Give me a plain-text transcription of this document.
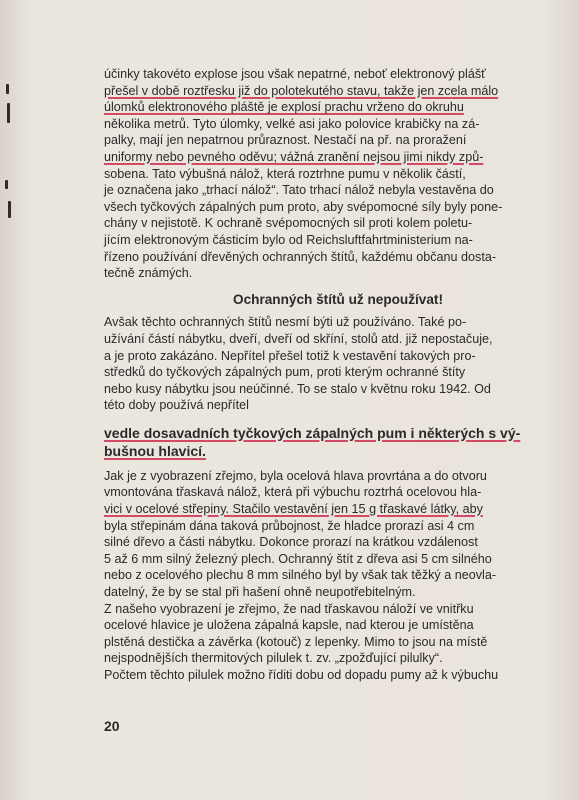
účinky takovéto explose jsou však nepatrné, neboť elektronový plášť
přešel v době roztřesku již do polotekutého stavu, takže jen zcela málo
úlomků elektronového pláště je explosí prachu vrženo do okruhu
několika metrů. Tyto úlomky, velké asi jako polovice krabičky na zá-
palky, mají jen nepatrnou průraznost. Nestačí na př. na proražení
uniformy nebo pevného oděvu; vážná zranění nejsou jimi nikdy způ-
sobena. Tato výbušná nálož, která roztrhne pumu v několik částí,
je označena jako „trhací nálož“. Tato trhací nálož nebyla vestavěna do
všech tyčkových zápalných pum proto, aby svépomocné síly byly pone-
chány v nejistotě. K ochraně svépomocných sil proti kolem poletu-
jícím elektronovým částicím bylo od Reichsluftfahrtministerium na-
řízeno používání dřevěných ochranných štítů, každému občanu dosta-
tečně známých.
Ochranných štítů už nepoužívat!
Avšak těchto ochranných štítů nesmí býti už používáno. Také po-
užívání částí nábytku, dveří, dveří od skříní, stolů atd. již nepostačuje,
a je proto zakázáno. Nepřítel přešel totiž k vestavění takových pro-
středků do tyčkových zápalných pum, proti kterým ochranné štíty
nebo kusy nábytku jsou neúčinné. To se stalo v květnu roku 1942. Od
této doby používá nepřítel
vedle dosavadních tyčkových zápalných pum i některých s vý-
bušnou hlavicí.
Jak je z vyobrazení zřejmo, byla ocelová hlava provrtána a do otvoru
vmontována třaskavá nálož, která při výbuchu roztrhá ocelovou hla-
vici v ocelové střepiny. Stačilo vestavění jen 15 g třaskavé látky, aby
byla střepinám dána taková průbojnost, že hladce prorazí asi 4 cm
silné dřevo a části nábytku. Dokonce prorazí na krátkou vzdálenost
5 až 6 mm silný železný plech. Ochranný štít z dřeva asi 5 cm silného
nebo z ocelového plechu 8 mm silného byl by však tak těžký a neovla-
datelný, že by se stal při hašení ohně neupotřebitelným.
Z našeho vyobrazení je zřejmo, že nad třaskavou náloží ve vnitřku
ocelové hlavice je uložena zápalná kapsle, nad kterou je umístěna
plstěná destička a závěrka (kotouč) z lepenky. Mimo to jsou na místě
nejspodnějších thermitových pilulek t. zv. „zpožďující pilulky“.
Počtem těchto pilulek možno říditi dobu od dopadu pumy až k výbuchu
20
